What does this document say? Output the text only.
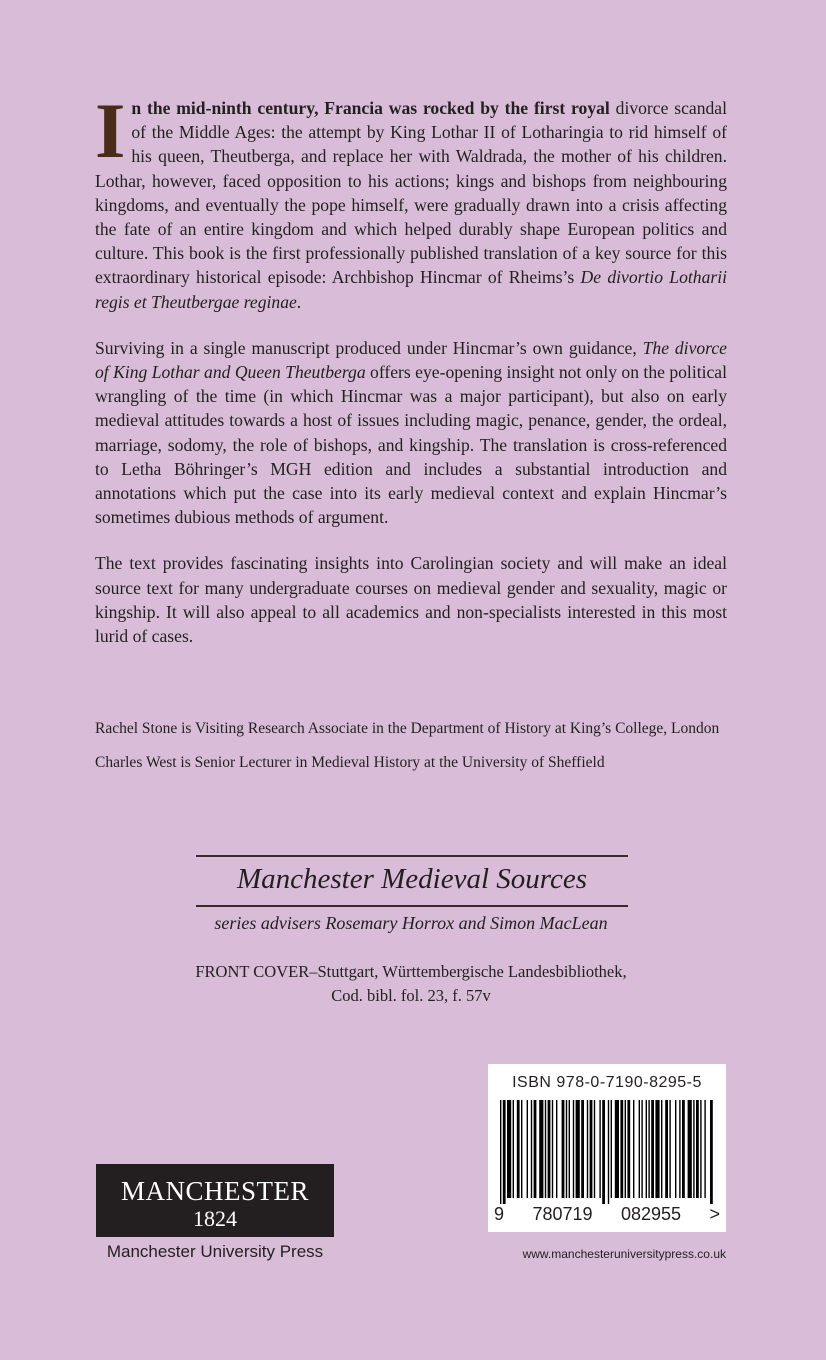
In the mid-ninth century, Francia was rocked by the first royal divorce scandal of the Middle Ages: the attempt by King Lothar II of Lotharingia to rid himself of his queen, Theutberga, and replace her with Waldrada, the mother of his children. Lothar, however, faced opposition to his actions; kings and bishops from neighbouring kingdoms, and eventually the pope himself, were gradually drawn into a crisis affecting the fate of an entire kingdom and which helped durably shape European politics and culture. This book is the first professionally published translation of a key source for this extraordinary historical episode: Archbishop Hincmar of Rheims’s De divortio Lotharii regis et Theutbergae reginae.

Surviving in a single manuscript produced under Hincmar’s own guidance, The divorce of King Lothar and Queen Theutberga offers eye-opening insight not only on the political wrangling of the time (in which Hincmar was a major participant), but also on early medieval attitudes towards a host of issues including magic, penance, gender, the ordeal, marriage, sodomy, the role of bishops, and kingship. The translation is cross-referenced to Letha Böhringer’s MGH edition and includes a substantial introduction and annotations which put the case into its early medieval context and explain Hincmar’s sometimes dubious methods of argument.

The text provides fascinating insights into Carolingian society and will make an ideal source text for many undergraduate courses on medieval gender and sexuality, magic or kingship. It will also appeal to all academics and non-specialists interested in this most lurid of cases.

Rachel Stone is Visiting Research Associate in the Department of History at King’s College, London

Charles West is Senior Lecturer in Medieval History at the University of Sheffield

Manchester Medieval Sources
series advisers Rosemary Horrox and Simon MacLean
FRONT COVER–Stuttgart, Württembergische Landesbibliothek,
Cod. bibl. fol. 23, f. 57v
ISBN 978-0-7190-8295-5
9 780719 082955 >
MANCHESTER
1824
Manchester University Press	www.manchesteruniversitypress.co.uk
